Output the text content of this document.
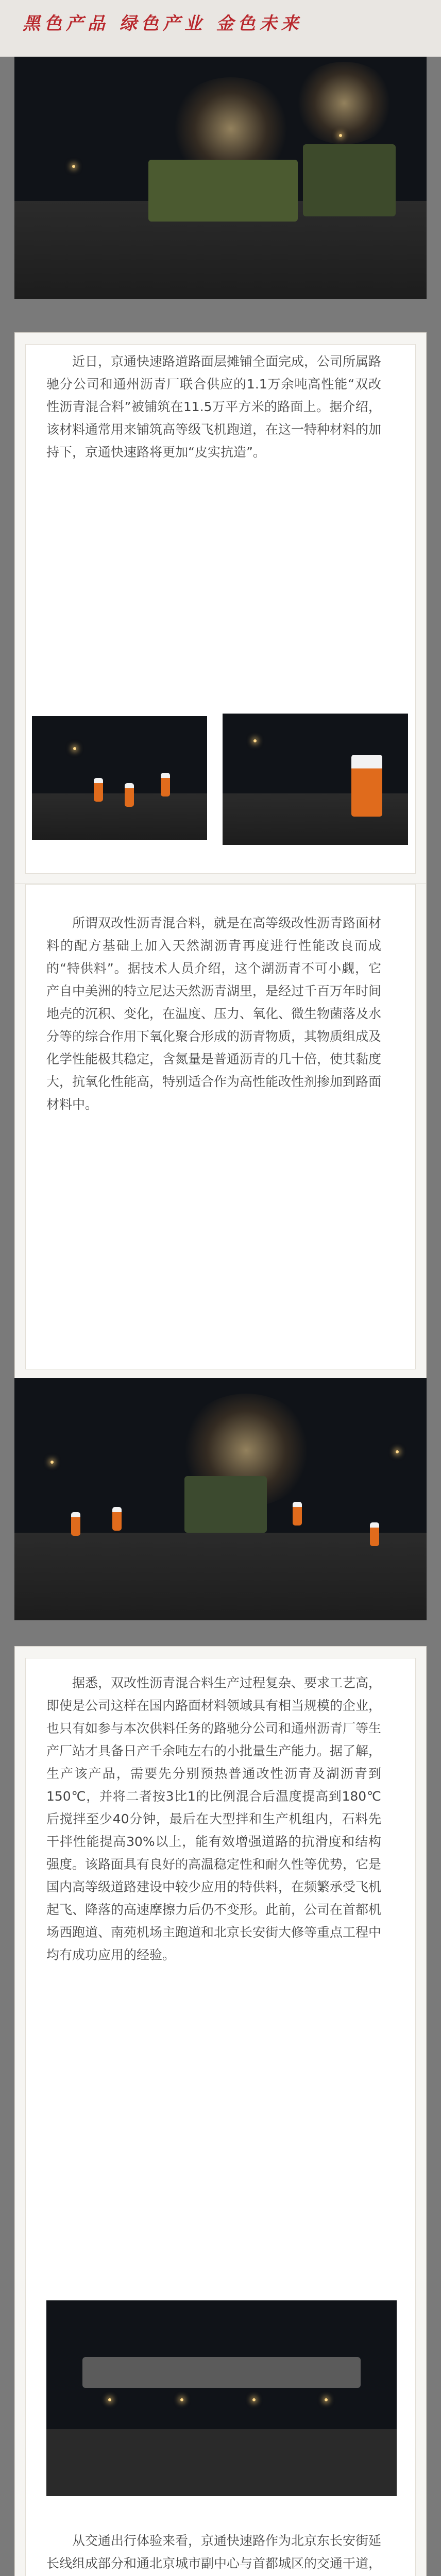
黑色产品 绿色产业 金色未来
近日，京通快速路道路面层摊铺全面完成，公司所属路驰分公司和通州沥青厂联合供应的1.1万余吨高性能“双改性沥青混合料”被铺筑在11.5万平方米的路面上。据介绍，该材料通常用来铺筑高等级飞机跑道，在这一特种材料的加持下，京通快速路将更加“皮实抗造”。
所谓双改性沥青混合料，就是在高等级改性沥青路面材料的配方基础上加入天然湖沥青再度进行性能改良而成的“特供料”。据技术人员介绍，这个湖沥青不可小觑，它产自中美洲的特立尼达天然沥青湖里，是经过千百万年时间地壳的沉积、变化，在温度、压力、氧化、微生物菌落及水分等的综合作用下氧化聚合形成的沥青物质，其物质组成及化学性能极其稳定，含氮量是普通沥青的几十倍，使其黏度大，抗氧化性能高，特别适合作为高性能改性剂掺加到路面材料中。
据悉，双改性沥青混合料生产过程复杂、要求工艺高，即使是公司这样在国内路面材料领域具有相当规模的企业，也只有如参与本次供料任务的路驰分公司和通州沥青厂等生产厂站才具备日产千余吨左右的小批量生产能力。据了解，生产该产品，需要先分别预热普通改性沥青及湖沥青到150℃，并将二者按3比1的比例混合后温度提高到180℃后搅拌至少40分钟，最后在大型拌和生产机组内，石料先干拌性能提高30%以上，能有效增强道路的抗滑度和结构强度。该路面具有良好的高温稳定性和耐久性等优势，它是国内高等级道路建设中较少应用的特供料，在频繁承受飞机起飞、降落的高速摩擦力后仍不变形。此前，公司在首都机场西跑道、南苑机场主跑道和北京长安街大修等重点工程中均有成功应用的经验。
从交通出行体验来看，京通快速路作为北京东长安街延长线组成部分和通北京城市副中心与首都城区的交通干道，
